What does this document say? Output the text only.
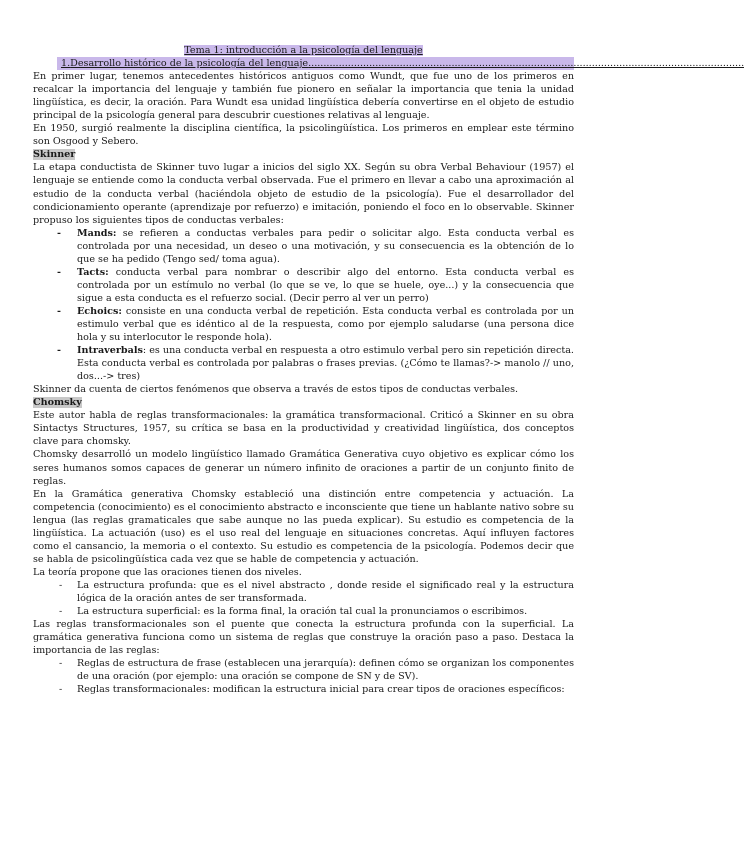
Tema 1: introducción a la psicología del lenguaje
1. Desarrollo histórico de la psicología del lenguaje ...............................................................................................................................................

En primer lugar, tenemos antecedentes históricos antiguos como Wundt, que fue uno de los primeros en recalcar la importancia del lenguaje y también fue pionero en señalar la importancia que tenia la unidad lingüística, es decir, la oración. Para Wundt esa unidad lingüística debería convertirse en el objeto de estudio principal de la psicología general para descubrir cuestiones relativas al lenguaje.

En 1950, surgió realmente la disciplina científica, la psicolingüística. Los primeros en emplear este término son Osgood y Sebero.

Skinner

La etapa conductista de Skinner tuvo lugar a inicios del siglo XX. Según su obra Verbal Behaviour (1957) el lenguaje se entiende como la conducta verbal observada. Fue el primero en llevar a cabo una aproximación al estudio de la conducta verbal (haciéndola objeto de estudio de la psicología). Fue el desarrollador del condicionamiento operante (aprendizaje por refuerzo) e imitación, poniendo el foco en lo observable. Skinner propuso los siguientes tipos de conductas verbales:

- Mands: se refieren a conductas verbales para pedir o solicitar algo. Esta conducta verbal es controlada por una necesidad, un deseo o una motivación, y su consecuencia es la obtención de lo que se ha pedido (Tengo sed/ toma agua).
- Tacts: conducta verbal para nombrar o describir algo del entorno. Esta conducta verbal es controlada por un estímulo no verbal (lo que se ve, lo que se huele, oye...) y la consecuencia que sigue a esta conducta es el refuerzo social. (Decir perro al ver un perro)
- Echoics: consiste en una conducta verbal de repetición. Esta conducta verbal es controlada por un estimulo verbal que es idéntico al de la respuesta, como por ejemplo saludarse (una persona dice hola y su interlocutor le responde hola).
- Intraverbals: es una conducta verbal en respuesta a otro estimulo verbal pero sin repetición directa. Esta conducta verbal es controlada por palabras o frases previas. (¿Cómo te llamas?-> manolo // uno, dos...-> tres)

Skinner da cuenta de ciertos fenómenos que observa a través de estos tipos de conductas verbales.

Chomsky

Este autor habla de reglas transformacionales: la gramática transformacional. Criticó a Skinner en su obra Sintactys Structures, 1957, su crítica se basa en la productividad y creatividad lingüística, dos conceptos clave para chomsky.

Chomsky desarrolló un modelo lingüístico llamado Gramática Generativa cuyo objetivo es explicar cómo los seres humanos somos capaces de generar un número infinito de oraciones a partir de un conjunto finito de reglas.

En la Gramática generativa Chomsky estableció una distinción entre competencia y actuación. La competencia (conocimiento) es el conocimiento abstracto e inconsciente que tiene un hablante nativo sobre su lengua (las reglas gramaticales que sabe aunque no las pueda explicar). Su estudio es competencia de la lingüística. La actuación (uso) es el uso real del lenguaje en situaciones concretas. Aquí influyen factores como el cansancio, la memoria o el contexto. Su estudio es competencia de la psicología. Podemos decir que se habla de psicolingüística cada vez que se hable de competencia y actuación.

La teoría propone que las oraciones tienen dos niveles.

- La estructura profunda: que es el nivel abstracto , donde reside el significado real y la estructura lógica de la oración antes de ser transformada.
- La estructura superficial: es la forma final, la oración tal cual la pronunciamos o escribimos.

Las reglas transformacionales son el puente que conecta la estructura profunda con la superficial. La gramática generativa funciona como un sistema de reglas que construye la oración paso a paso. Destaca la importancia de las reglas:

- Reglas de estructura de frase (establecen una jerarquía): definen cómo se organizan los componentes de una oración (por ejemplo: una oración se compone de SN y de SV).
- Reglas transformacionales: modifican la estructura inicial para crear tipos de oraciones específicos:
